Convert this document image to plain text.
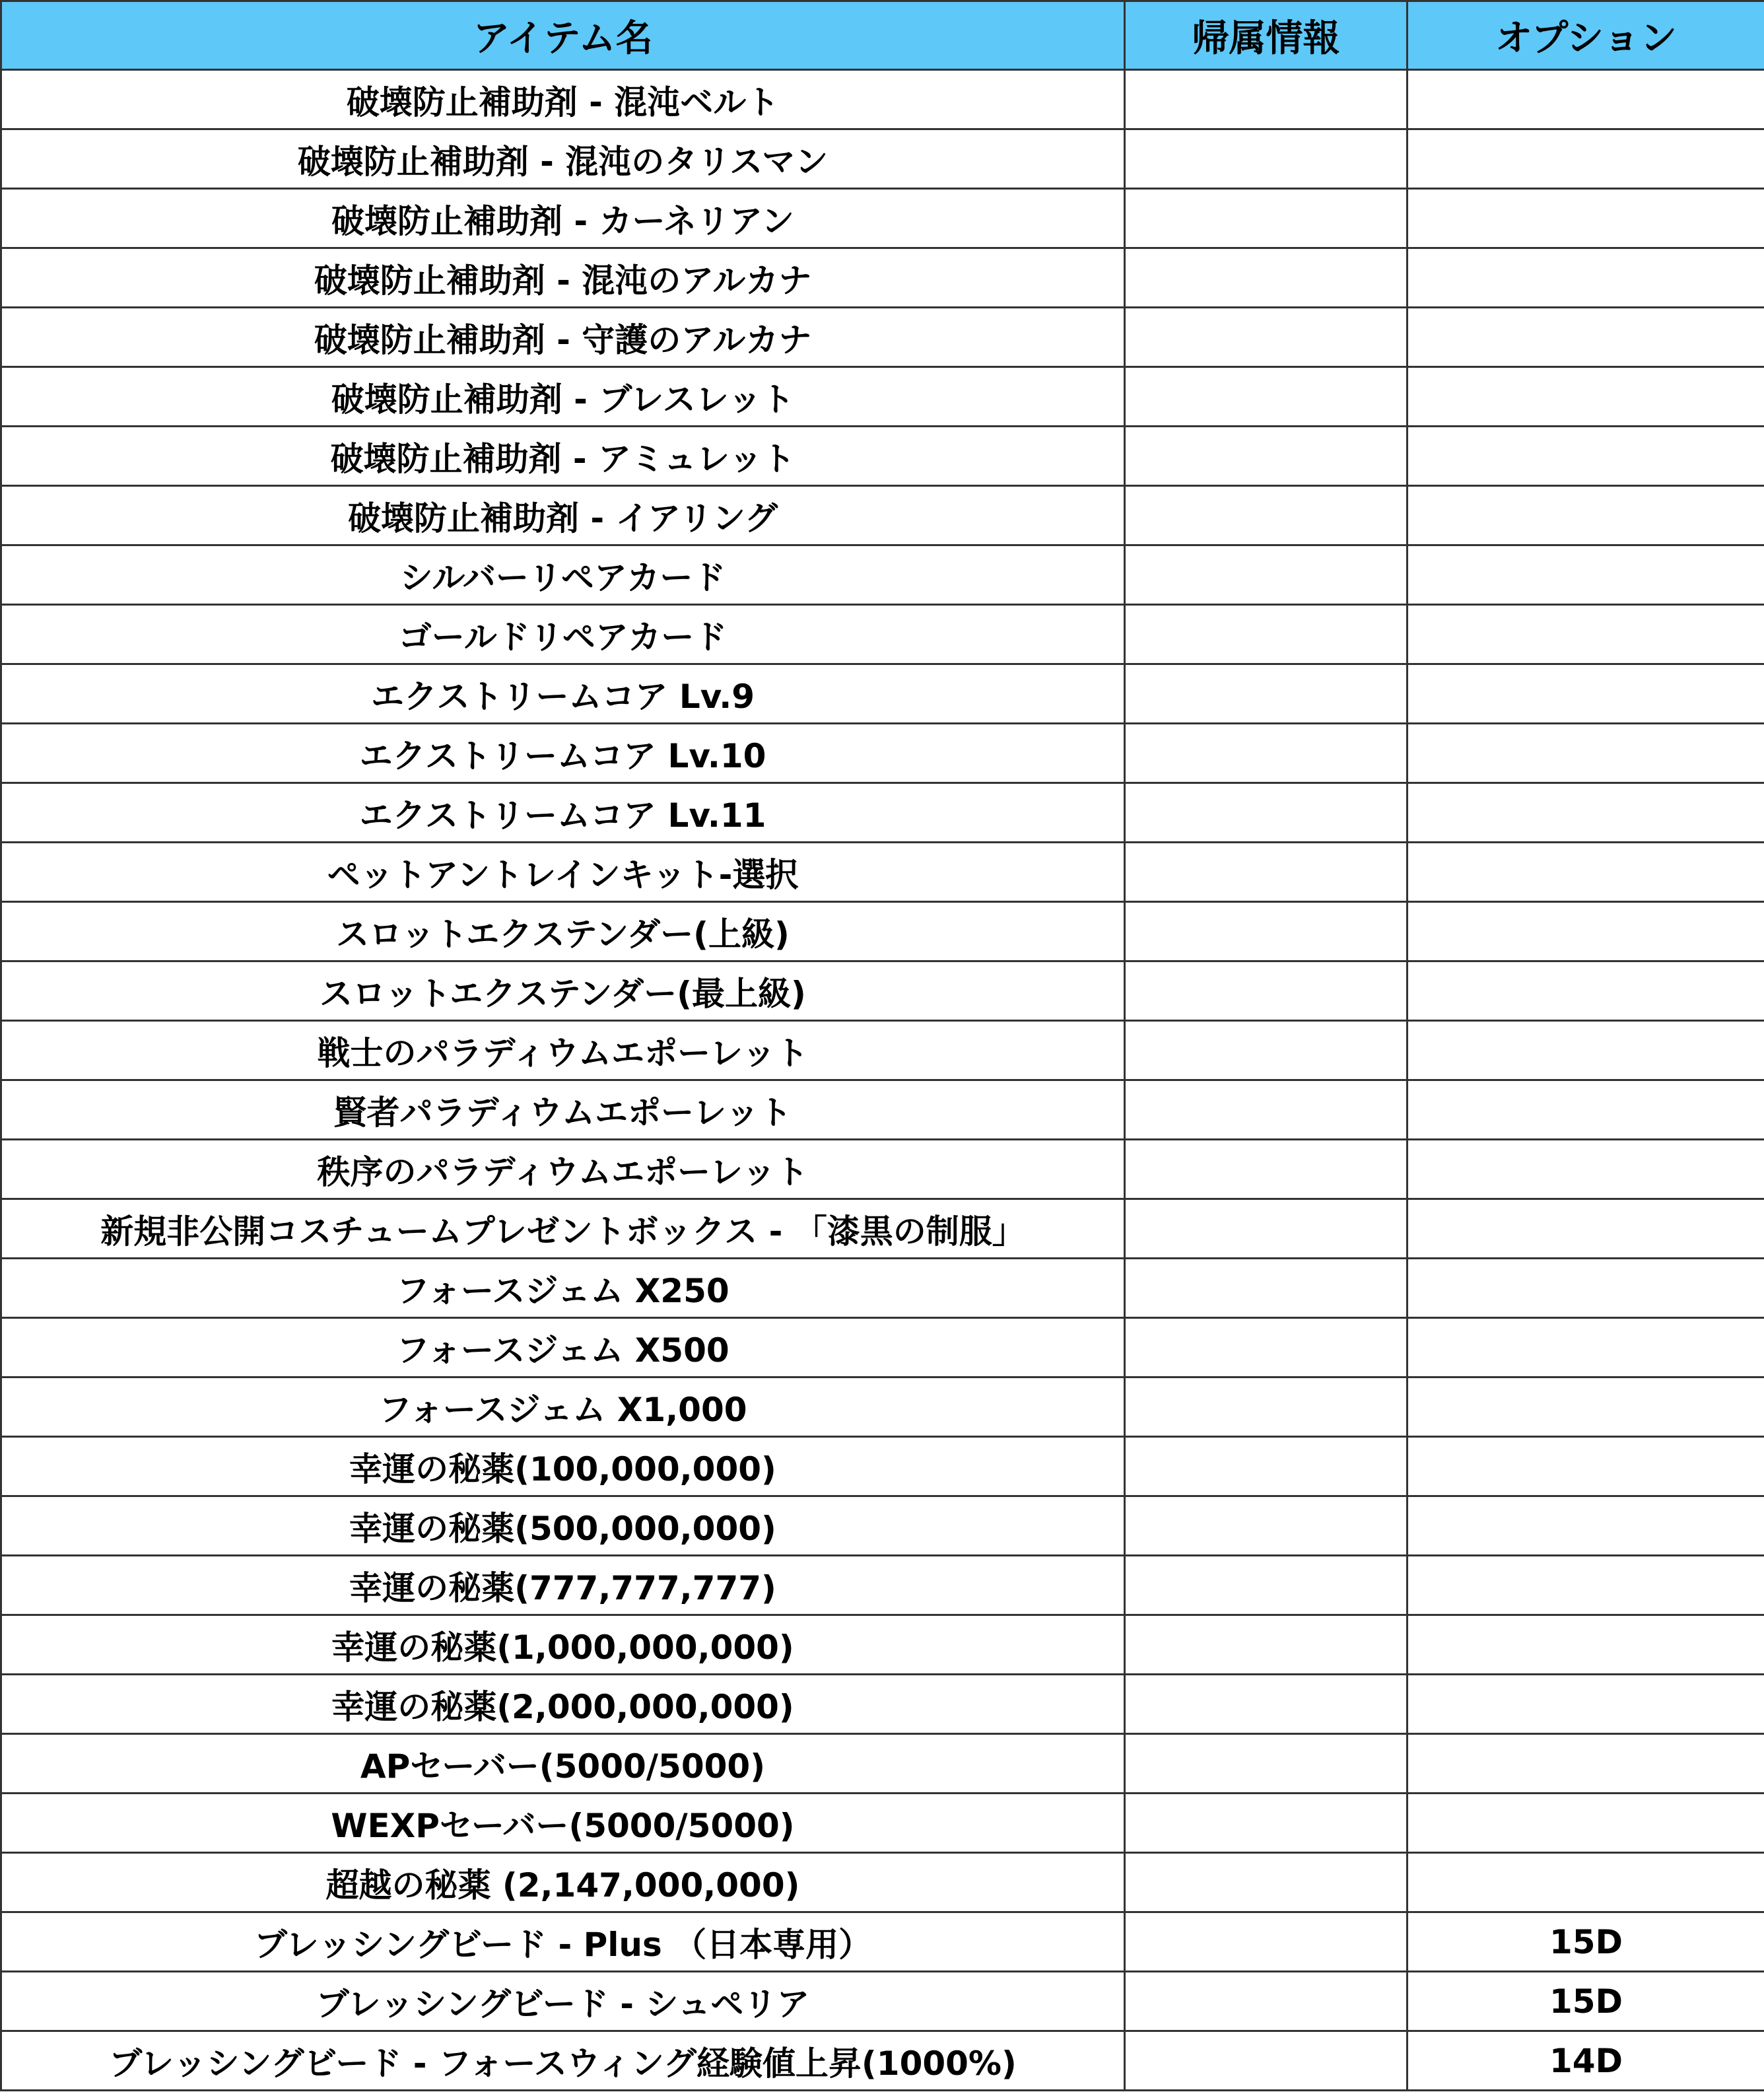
アイテム名	帰属情報	オプション
破壊防止補助剤 - 混沌ベルト		
破壊防止補助剤 - 混沌のタリスマン		
破壊防止補助剤 - カーネリアン		
破壊防止補助剤 - 混沌のアルカナ		
破壊防止補助剤 - 守護のアルカナ		
破壊防止補助剤 - ブレスレット		
破壊防止補助剤 - アミュレット		
破壊防止補助剤 - イアリング		
シルバーリペアカード		
ゴールドリペアカード		
エクストリームコア Lv.9		
エクストリームコア Lv.10		
エクストリームコア Lv.11		
ペットアントレインキット-選択		
スロットエクステンダー(上級)		
スロットエクステンダー(最上級)		
戦士のパラディウムエポーレット		
賢者パラディウムエポーレット		
秩序のパラディウムエポーレット		
新規非公開コスチュームプレゼントボックス - 「漆黒の制服」		
フォースジェム X250		
フォースジェム X500		
フォースジェム X1,000		
幸運の秘薬(100,000,000)		
幸運の秘薬(500,000,000)		
幸運の秘薬(777,777,777)		
幸運の秘薬(1,000,000,000)		
幸運の秘薬(2,000,000,000)		
APセーバー(5000/5000)		
WEXPセーバー(5000/5000)		
超越の秘薬 (2,147,000,000)		
ブレッシングビード - Plus （日本専用）		15D
ブレッシングビード - シュペリア		15D
ブレッシングビード - フォースウィング経験値上昇(1000%)		14D
